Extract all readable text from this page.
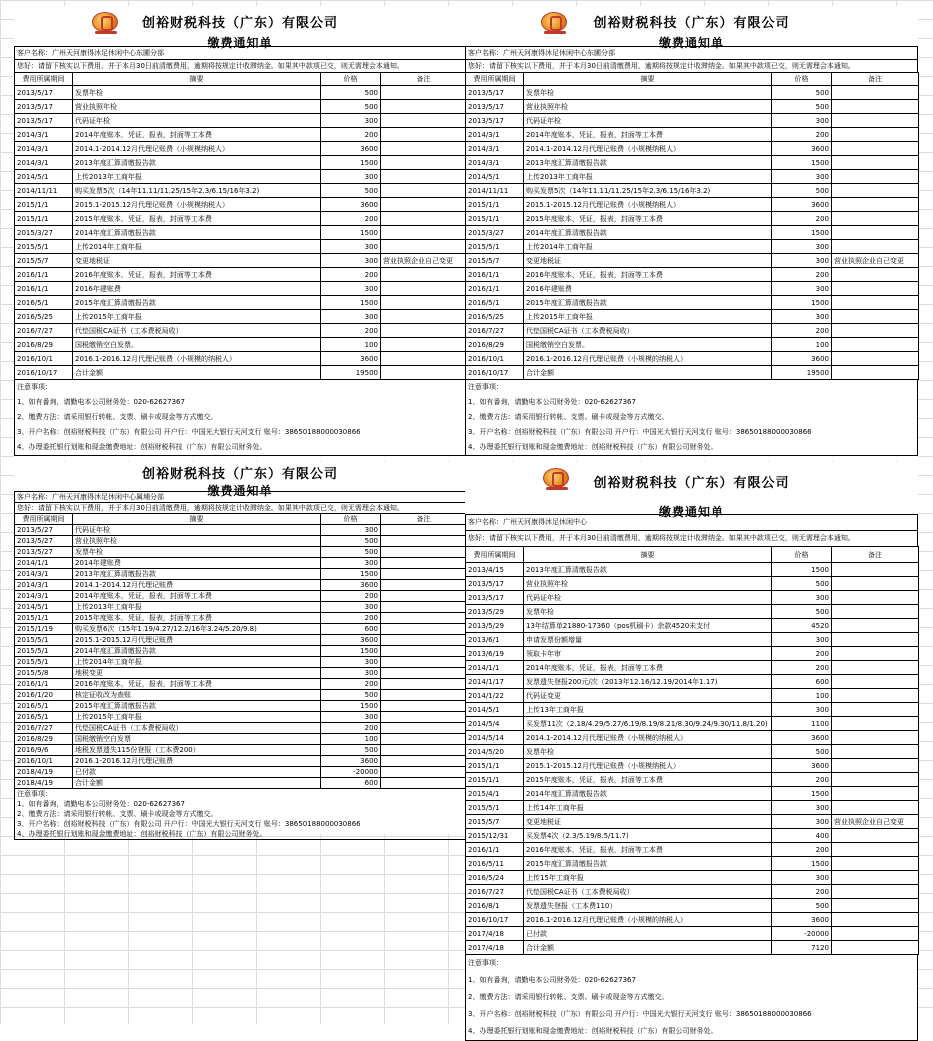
创裕财税科技（广东）有限公司
缴费通知单
客户名称：广州天河康得沐足休闲中心东圃分部
您好：请留下核实以下费用，并于本月30日前清缴费用，逾期将按规定计收滞纳金。如果其中款项已交，则无需理会本通知。
费用所属期间	摘要	价格	备注
2013/5/17	发票年检	500	
2013/5/17	营业执照年检	500	
2013/5/17	代码证年检	300	
2014/3/1	2014年度账本，凭证，报表，封面等工本费	200	
2014/3/1	2014.1-2014.12月代理记账费（小规模纳税人）	3600	
2014/3/1	2013年度汇算清缴报告款	1500	
2014/5/1	上传2013年工商年报	300	
2014/11/11	购买发票5次（14年11.11/11.25/15年2.3/6.15/16年3.2)	500	
2015/1/1	2015.1-2015.12月代理记账费（小规模纳税人）	3600	
2015/1/1	2015年度账本，凭证，报表，封面等工本费	200	
2015/3/27	2014年度汇算清缴报告款	1500	
2015/5/1	上传2014年工商年报	300	
2015/5/7	变更地税证	300	营业执照企业自己变更
2016/1/1	2016年度账本，凭证，报表，封面等工本费	200	
2016/1/1	2016年建账费	300	
2016/5/1	2015年度汇算清缴报告款	1500	
2016/5/25	上传2015年工商年报	300	
2016/7/27	代垫国税CA证书（工本费税局收）	200	
2016/8/29	国税缴销空白发票。	100	
2016/10/1	2016.1-2016.12月代理记账费（小规模的纳税人）	3600	
2016/10/17	合计金额	19500	
注意事项：
1、如有番询，请勤电本公司财务处：020-62627367
2、缴费方法：请采用银行转帐、支票、刷卡或现金等方式缴交。
3、开户名称：创裕财税科技（广东）有限公司 开户行：中国光大银行天河支行 账号：38650188000030866
4、办理委托银行划账和现金缴费地址：创裕财税科技（广东）有限公司财务处。
创裕财税科技（广东）有限公司
缴费通知单
客户名称：广州天河康得沐足休闲中心东圃分部
您好：请留下核实以下费用，并于本月30日前清缴费用，逾期将按规定计收滞纳金。如果其中款项已交，则无需理会本通知。
费用所属期间	摘要	价格	备注
2013/5/17	发票年检	500	
2013/5/17	营业执照年检	500	
2013/5/17	代码证年检	300	
2014/3/1	2014年度账本，凭证，报表，封面等工本费	200	
2014/3/1	2014.1-2014.12月代理记账费（小规模纳税人）	3600	
2014/3/1	2013年度汇算清缴报告款	1500	
2014/5/1	上传2013年工商年报	300	
2014/11/11	购买发票5次（14年11.11/11.25/15年2.3/6.15/16年3.2)	500	
2015/1/1	2015.1-2015.12月代理记账费（小规模纳税人）	3600	
2015/1/1	2015年度账本，凭证，报表，封面等工本费	200	
2015/3/27	2014年度汇算清缴报告款	1500	
2015/5/1	上传2014年工商年报	300	
2015/5/7	变更地税证	300	营业执照企业自己变更
2016/1/1	2016年度账本，凭证，报表，封面等工本费	200	
2016/1/1	2016年建账费	300	
2016/5/1	2015年度汇算清缴报告款	1500	
2016/5/25	上传2015年工商年报	300	
2016/7/27	代垫国税CA证书（工本费税局收）	200	
2016/8/29	国税缴销空白发票。	100	
2016/10/1	2016.1-2016.12月代理记账费（小规模的纳税人）	3600	
2016/10/17	合计金额	19500	
注意事项：
1、如有番询，请勤电本公司财务处：020-62627367
2、缴费方法：请采用银行转帐、支票、刷卡或现金等方式缴交。
3、开户名称：创裕财税科技（广东）有限公司 开户行：中国光大银行天河支行 账号：38650188000030866
4、办理委托银行划账和现金缴费地址：创裕财税科技（广东）有限公司财务处。
创裕财税科技（广东）有限公司
缴费通知单
客户名称：广州天河康得沐足休闲中心属埔分部
您好：请留下核实以下费用，并于本月30日前清缴费用，逾期将按规定计收滞纳金。如果其中款项已交，则无需理会本通知。
费用所属期间	摘要	价格	备注
2013/5/27	代码证年检	300	
2013/5/27	营业执照年检	500	
2013/5/27	发票年检	500	
2014/1/1	2014年建账费	300	
2014/3/1	2013年度汇算清缴报告款	1500	
2014/3/1	2014.1-2014.12月代理记账费	3600	
2014/3/1	2014年度账本，凭证，报表，封面等工本费	200	
2014/5/1	上传2013年工商年报	300	
2015/1/1	2015年度账本，凭证，报表，封面等工本费	200	
2015/1/19	购买发票6次（15年1.19/4.27/12.2/16年3.24/5.20/9.8)	600	
2015/5/1	2015.1-2015.12月代理记账费	3600	
2015/5/1	2014年度汇算清缴报告款	1500	
2015/5/1	上传2014年工商年报	300	
2015/5/8	地税变更	300	
2016/1/1	2016年度账本，凭证，报表，封面等工本费	200	
2016/1/20	核定征收改为查账	500	
2016/5/1	2015年度汇算清缴报告款	1500	
2016/5/1	上传2015年工商年报	300	
2016/7/27	代垫国税CA证书（工本费税局收）	200	
2016/8/29	国税缴销空白发票	100	
2016/9/6	地税发票遗失115份登报（工本费200）	500	
2016/10/1	2016.1-2016.12月代理记账费	3600	
2018/4/19	已付款	-20000	
2018/4/19	合计金额	600	
注意事项：
1、如有番询，请勤电本公司财务处：020-62627367
2、缴费方法：请采用银行转帐、支票、刷卡或现金等方式缴交。
3、开户名称：创裕财税科技（广东）有限公司 开户行：中国光大银行天河支行 账号：38650188000030866
4、办理委托银行划账和现金缴费地址：创裕财税科技（广东）有限公司财务处。
创裕财税科技（广东）有限公司
缴费通知单
客户名称：广州天河康得沐足休闲中心
您好：请留下核实以下费用，并于本月30日前清缴费用，逾期将按规定计收滞纳金。如果其中款项已交，则无需理会本通知。
费用所属期间	摘要	价格	备注
2013/4/15	2013年度汇算清缴报告款	1500	
2013/5/17	营业执照年检	500	
2013/5/17	代码证年检	300	
2013/5/29	发票年检	500	
2013/5/29	13年结算单21880-17360（pos机刷卡）余款4520未支付	4520	
2013/6/1	申请发票份额增量	300	
2013/6/19	领取卡年审	200	
2014/1/1	2014年度账本，凭证，报表，封面等工本费	200	
2014/1/17	发票遗失登报200元/次（2013年12.16/12.19/2014年1.17)	600	
2014/1/22	代码证变更	100	
2014/5/1	上传13年工商年报	300	
2014/5/4	买发票11次（2.18/4.29/5.27/6.19/8.19/8.21/8.30/9.24/9.30/11.8/1.20)	1100	
2014/5/14	2014.1-2014.12月代理记账费（小规模的纳税人）	3600	
2014/5/20	发票年检	500	
2015/1/1	2015.1-2015.12月代理记账费（小规模纳税人）	3600	
2015/1/1	2015年度账本，凭证，报表，封面等工本费	200	
2015/4/1	2014年度汇算清缴报告款	1500	
2015/5/1	上传14年工商年报	300	
2015/5/7	变更地税证	300	营业执照企业自己变更
2015/12/31	买发票4次（2.3/5.19/8.5/11.7)	400	
2016/1/1	2016年度账本，凭证，报表，封面等工本费	200	
2016/5/11	2015年度汇算清缴报告款	1500	
2016/5/24	上传15年工商年报	300	
2016/7/27	代垫国税CA证书（工本费税局收）	200	
2016/8/1	发票遗失登报（工本费110）	500	
2016/10/17	2016.1-2016.12月代理记账费（小规模的纳税人）	3600	
2017/4/18	已付款	-20000	
2017/4/18	合计金额	7120	
注意事项：
1、如有番询，请勤电本公司财务处：020-62627367
2、缴费方法：请采用银行转帐、支票、刷卡或现金等方式缴交。
3、开户名称：创裕财税科技（广东）有限公司 开户行：中国光大银行天河支行 账号：38650188000030866
4、办理委托银行划账和现金缴费地址：创裕财税科技（广东）有限公司财务处。
